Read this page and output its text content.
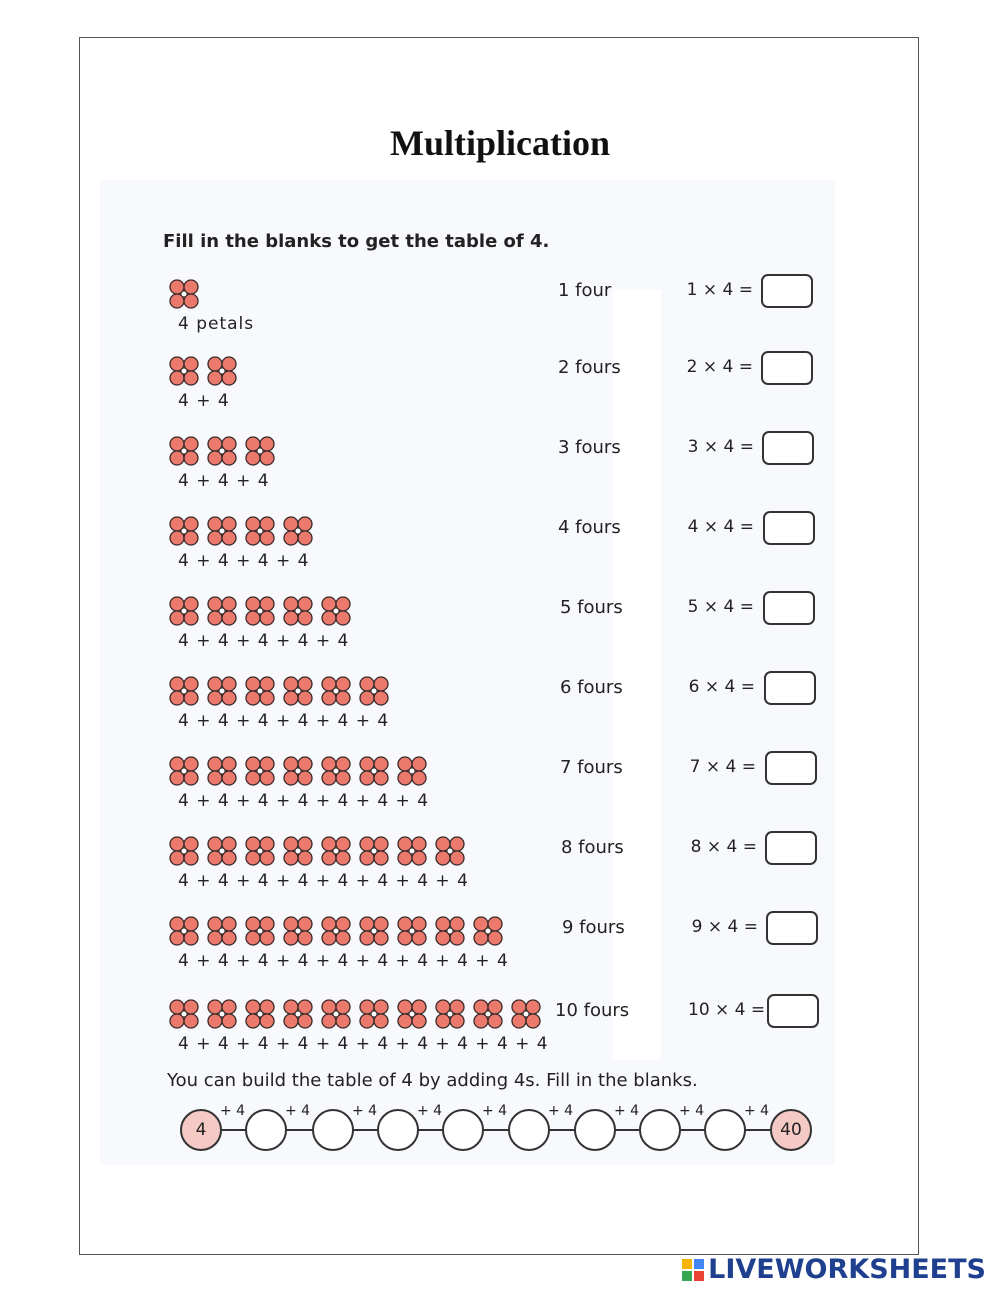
Multiplication
Fill in the blanks to get the table of 4.
4 petals
1 four	1 × 4 =
4 + 4
2 fours	2 × 4 =
4 + 4 + 4
3 fours	3 × 4 =
4 + 4 + 4 + 4
4 fours	4 × 4 =
4 + 4 + 4 + 4 + 4
5 fours	5 × 4 =
4 + 4 + 4 + 4 + 4 + 4
6 fours	6 × 4 =
4 + 4 + 4 + 4 + 4 + 4 + 4
7 fours	7 × 4 =
4 + 4 + 4 + 4 + 4 + 4 + 4 + 4
8 fours	8 × 4 =
4 + 4 + 4 + 4 + 4 + 4 + 4 + 4 + 4
9 fours	9 × 4 =
4 + 4 + 4 + 4 + 4 + 4 + 4 + 4 + 4 + 4
10 fours	10 × 4 =
You can build the table of 4 by adding 4s. Fill in the blanks.
4
+ 4	+ 4	+ 4	+ 4	+ 4	+ 4	+ 4	+ 4	+ 4
40
LIVEWORKSHEETS
